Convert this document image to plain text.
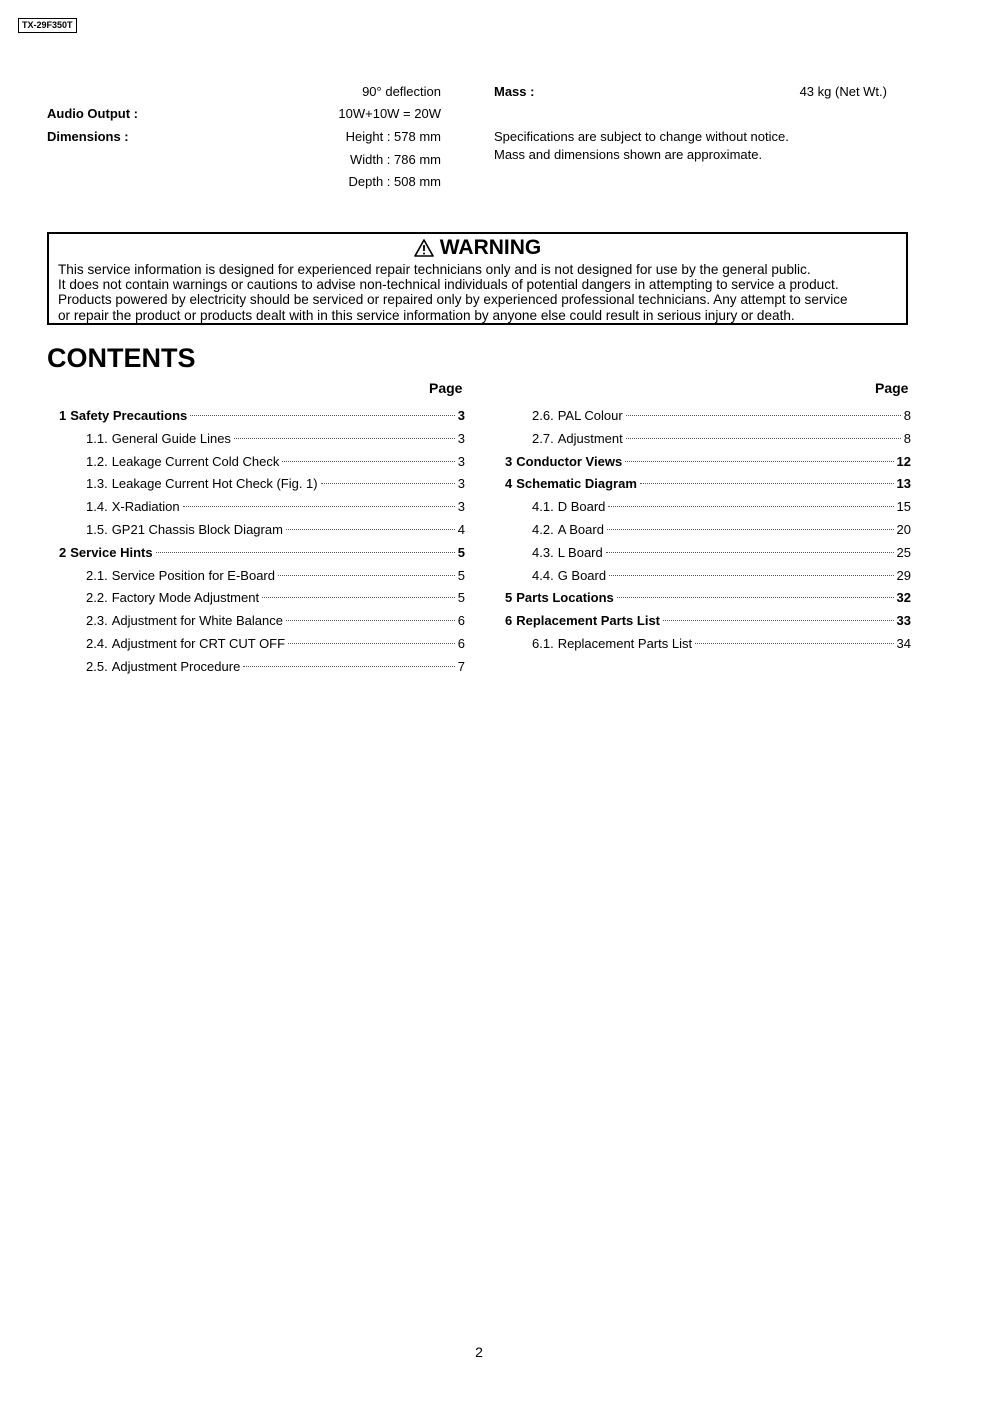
TX-29F350T
90° deflection
Audio Output :	10W+10W = 20W
Dimensions :	Height : 578 mm
Width : 786 mm
Depth : 508 mm
Mass :	43 kg (Net Wt.)
Specifications are subject to change without notice.
Mass and dimensions shown are approximate.
WARNING
This service information is designed for experienced repair technicians only and is not designed for use by the general public.
It does not contain warnings or cautions to advise non-technical individuals of potential dangers in attempting to service a product.
Products powered by electricity should be serviced or repaired only by experienced professional technicians. Any attempt to service
or repair the product or products dealt with in this service information by anyone else could result in serious injury or death.
CONTENTS
Page	Page
1 Safety Precautions	3
1.1. General Guide Lines	3
1.2. Leakage Current Cold Check	3
1.3. Leakage Current Hot Check (Fig. 1)	3
1.4. X-Radiation	3
1.5. GP21 Chassis Block Diagram	4
2 Service Hints	5
2.1. Service Position for E-Board	5
2.2. Factory Mode Adjustment	5
2.3. Adjustment for White Balance	6
2.4. Adjustment for CRT CUT OFF	6
2.5. Adjustment Procedure	7
2.6. PAL Colour	8
2.7. Adjustment	8
3 Conductor Views	12
4 Schematic Diagram	13
4.1. D Board	15
4.2. A Board	20
4.3. L Board	25
4.4. G Board	29
5 Parts Locations	32
6 Replacement Parts List	33
6.1. Replacement Parts List	34
2
